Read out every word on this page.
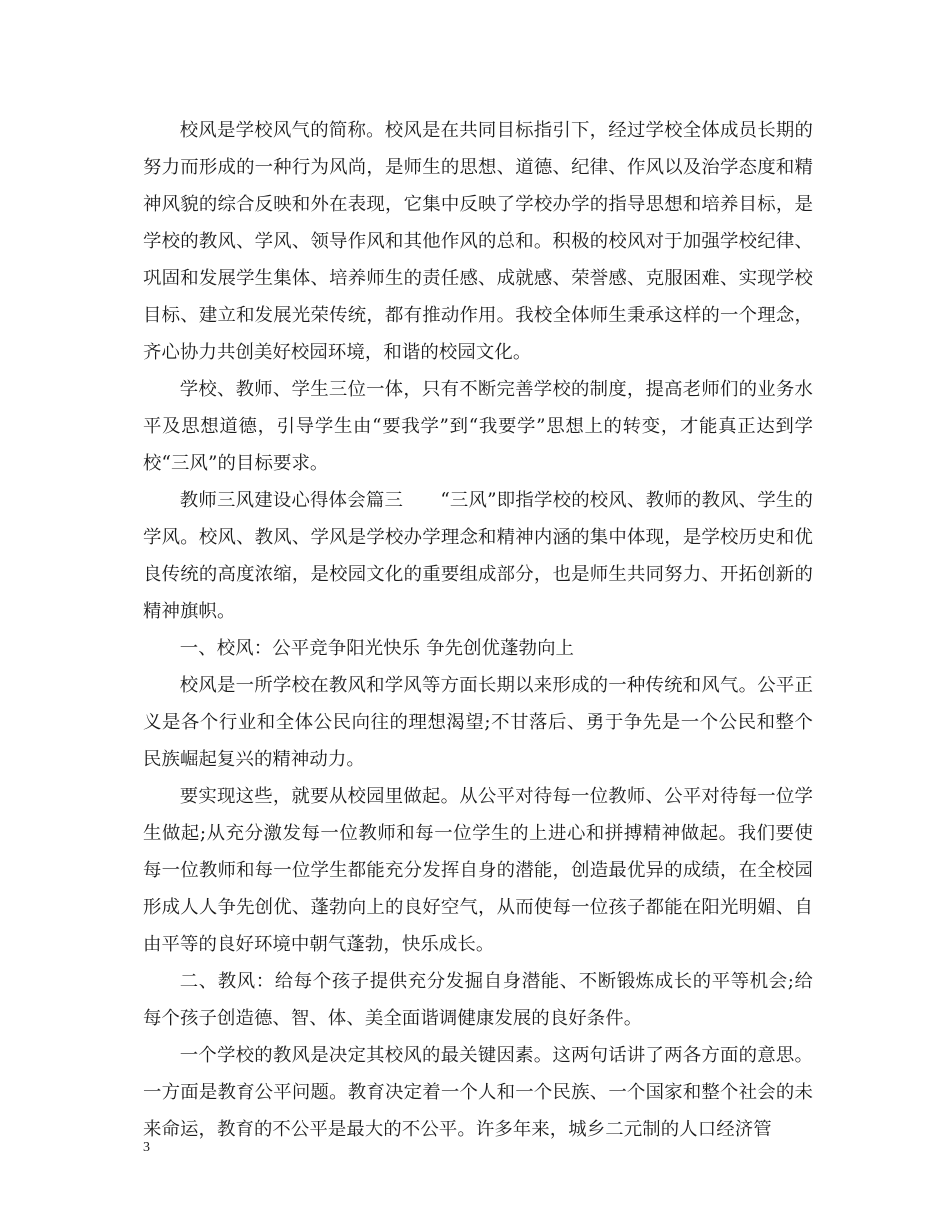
校风是学校风气的简称。校风是在共同目标指引下，经过学校全体成员长期的努力而形成的一种行为风尚，是师生的思想、道德、纪律、作风以及治学态度和精神风貌的综合反映和外在表现，它集中反映了学校办学的指导思想和培养目标，是学校的教风、学风、领导作风和其他作风的总和。积极的校风对于加强学校纪律、巩固和发展学生集体、培养师生的责任感、成就感、荣誉感、克服困难、实现学校目标、建立和发展光荣传统，都有推动作用。我校全体师生秉承这样的一个理念，齐心协力共创美好校园环境，和谐的校园文化。

学校、教师、学生三位一体，只有不断完善学校的制度，提高老师们的业务水平及思想道德，引导学生由“要我学”到“我要学”思想上的转变，才能真正达到学校“三风”的目标要求。

教师三风建设心得体会篇三　　“三风”即指学校的校风、教师的教风、学生的学风。校风、教风、学风是学校办学理念和精神内涵的集中体现，是学校历史和优良传统的高度浓缩，是校园文化的重要组成部分，也是师生共同努力、开拓创新的精神旗帜。

一、校风：公平竞争阳光快乐 争先创优蓬勃向上

校风是一所学校在教风和学风等方面长期以来形成的一种传统和风气。公平正义是各个行业和全体公民向往的理想渴望;不甘落后、勇于争先是一个公民和整个民族崛起复兴的精神动力。

要实现这些，就要从校园里做起。从公平对待每一位教师、公平对待每一位学生做起;从充分激发每一位教师和每一位学生的上进心和拼搏精神做起。我们要使每一位教师和每一位学生都能充分发挥自身的潜能，创造最优异的成绩，在全校园形成人人争先创优、蓬勃向上的良好空气，从而使每一位孩子都能在阳光明媚、自由平等的良好环境中朝气蓬勃，快乐成长。

二、教风：给每个孩子提供充分发掘自身潜能、不断锻炼成长的平等机会;给每个孩子创造德、智、体、美全面谐调健康发展的良好条件。

一个学校的教风是决定其校风的最关键因素。这两句话讲了两各方面的意思。一方面是教育公平问题。教育决定着一个人和一个民族、一个国家和整个社会的未来命运，教育的不公平是最大的不公平。许多年来，城乡二元制的人口经济管

3
